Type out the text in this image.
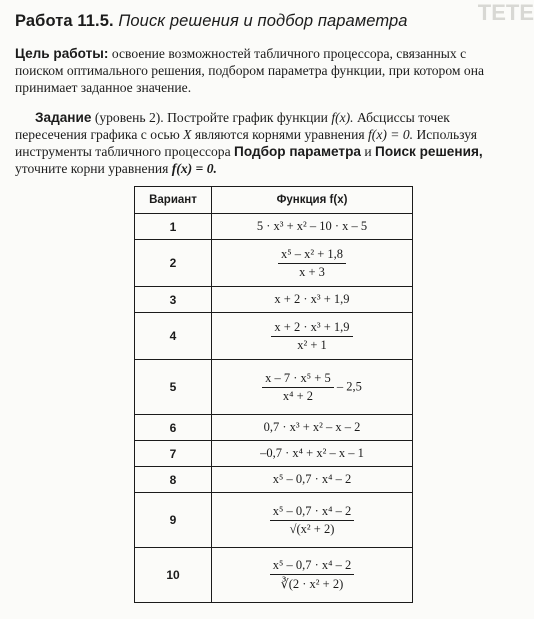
ТЕТЕ
Работа 11.5. Поиск решения и подбор параметра
Цель работы: освоение возможностей табличного процессора, связанных с поиском оптимального решения, подбором параметра функции, при котором она принимает заданное значение.
Задание (уровень 2). Постройте график функции f(x). Абсциссы точек пересечения графика с осью X являются корнями уравнения f(x) = 0. Используя инструменты табличного процессора Подбор параметра и Поиск решения, уточните корни уравнения f(x) = 0.
Вариант	Функция f(x)
1	5 · x³ + x² – 10 · x – 5
2	$\frac{\text{x⁵ – x² + 1,8}}{x + 3}$

3	x + 2 · x³ + 1,9
4	$\frac{\text{x + 2 · x³ + 1,9}}{\text{x² + 1}}$

5	$\frac{\text{x – 7 · x⁵ + 5}}{\text{x⁴ + 2}} - 2,5$
6	0,7 · x³ + x² – x – 2
7	–0,7 · x⁴ + x² – x – 1
8	x⁵ – 0,7 · x⁴ – 2
9	$\frac{\text{x⁵ – 0,7 · x⁴ – 2}}{\text{√(x² + 2)}}$

10	$\frac{\text{x⁵ – 0,7 · x⁴ – 2}}{\text{∛(2 · x² + 2)}}$
